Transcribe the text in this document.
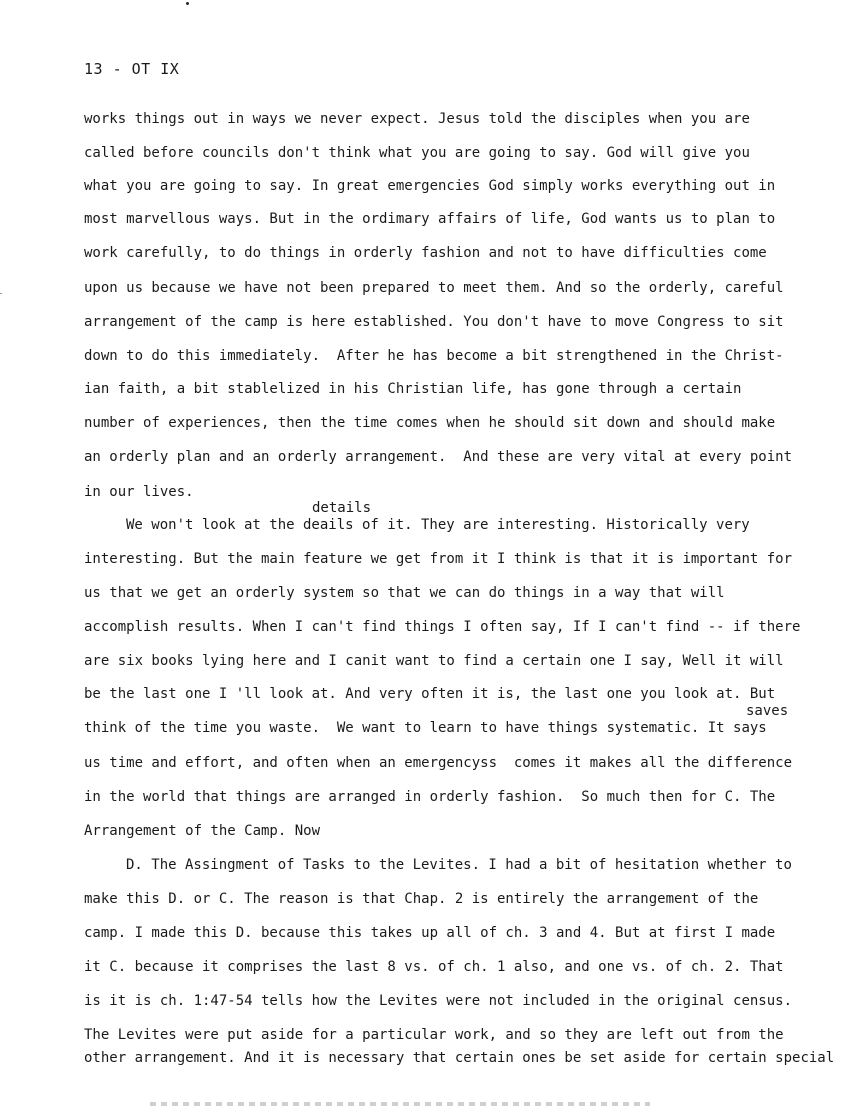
13 - OT IX
works things out in ways we never expect. Jesus told the disciples when you are
called before councils don't think what you are going to say. God will give you
what you are going to say. In great emergencies God simply works everything out in
most marvellous ways. But in the ordimary affairs of life, God wants us to plan to
work carefully, to do things in orderly fashion and not to have difficulties come
upon us because we have not been prepared to meet them. And so the orderly, careful
arrangement of the camp is here established. You don't have to move Congress to sit
down to do this immediately.  After he has become a bit strengthened in the Christ-
ian faith, a bit stablelized in his Christian life, has gone through a certain
number of experiences, then the time comes when he should sit down and should make
an orderly plan and an orderly arrangement.  And these are very vital at every point
in our lives.
details
We won't look at the deails of it. They are interesting. Historically very
interesting. But the main feature we get from it I think is that it is important for
us that we get an orderly system so that we can do things in a way that will
accomplish results. When I can't find things I often say, If I can't find -- if there
are six books lying here and I canit want to find a certain one I say, Well it will
be the last one I 'll look at. And very often it is, the last one you look at. But
saves
think of the time you waste.  We want to learn to have things systematic. It says
us time and effort, and often when an emergencyss  comes it makes all the difference
in the world that things are arranged in orderly fashion.  So much then for C. The
Arrangement of the Camp. Now
D. The Assingment of Tasks to the Levites. I had a bit of hesitation whether to
make this D. or C. The reason is that Chap. 2 is entirely the arrangement of the
camp. I made this D. because this takes up all of ch. 3 and 4. But at first I made
it C. because it comprises the last 8 vs. of ch. 1 also, and one vs. of ch. 2. That
is it is ch. 1:47-54 tells how the Levites were not included in the original census.
The Levites were put aside for a particular work, and so they are left out from the
other arrangement. And it is necessary that certain ones be set aside for certain special
